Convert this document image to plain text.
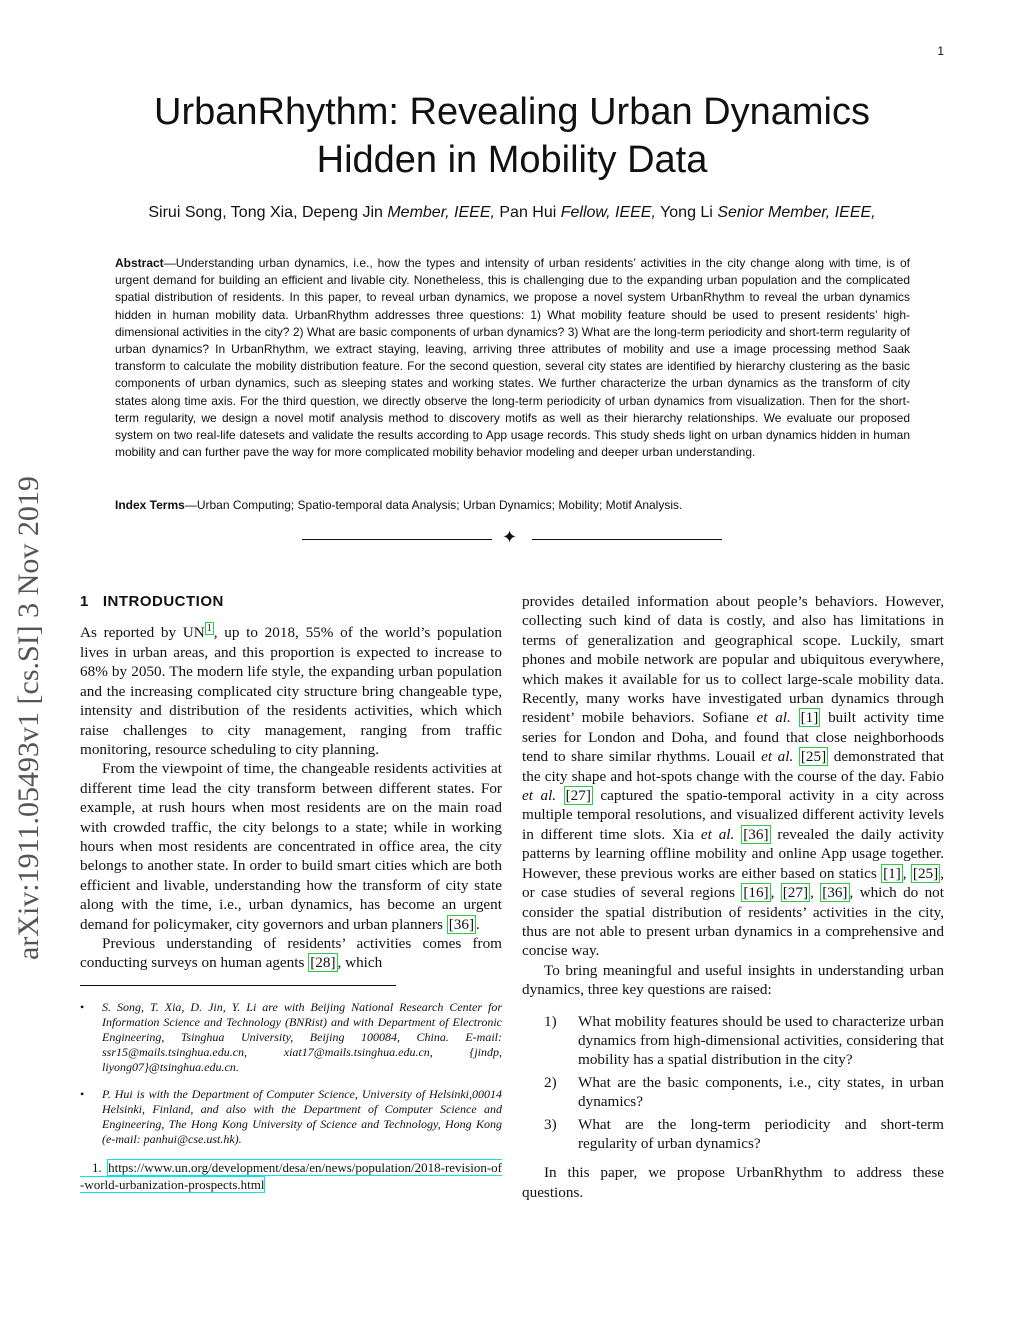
1
UrbanRhythm: Revealing Urban Dynamics
Hidden in Mobility Data
Sirui Song, Tong Xia, Depeng Jin Member, IEEE, Pan Hui Fellow, IEEE, Yong Li Senior Member, IEEE,
Abstract—Understanding urban dynamics, i.e., how the types and intensity of urban residents’ activities in the city change along with time, is of urgent demand for building an efficient and livable city. Nonetheless, this is challenging due to the expanding urban population and the complicated spatial distribution of residents. In this paper, to reveal urban dynamics, we propose a novel system UrbanRhythm to reveal the urban dynamics hidden in human mobility data. UrbanRhythm addresses three questions: 1) What mobility feature should be used to present residents’ high-dimensional activities in the city? 2) What are basic components of urban dynamics? 3) What are the long-term periodicity and short-term regularity of urban dynamics? In UrbanRhythm, we extract staying, leaving, arriving three attributes of mobility and use a image processing method Saak transform to calculate the mobility distribution feature. For the second question, several city states are identified by hierarchy clustering as the basic components of urban dynamics, such as sleeping states and working states. We further characterize the urban dynamics as the transform of city states along time axis. For the third question, we directly observe the long-term periodicity of urban dynamics from visualization. Then for the short-term regularity, we design a novel motif analysis method to discovery motifs as well as their hierarchy relationships. We evaluate our proposed system on two real-life datesets and validate the results according to App usage records. This study sheds light on urban dynamics hidden in human mobility and can further pave the way for more complicated mobility behavior modeling and deeper urban understanding.
Index Terms—Urban Computing; Spatio-temporal data Analysis; Urban Dynamics; Mobility; Motif Analysis.
✦
arXiv:1911.05493v1 [cs.SI] 3 Nov 2019 1 INTRODUCTION

As reported by UN $^1$ , up to 2018, 55% of the world’s population lives in urban areas, and this proportion is expected to increase to 68% by 2050. The modern life style, the expanding urban population and the increasing complicated city structure bring changeable type, intensity and distribution of the residents activities, which which raise challenges to city management, ranging from traffic monitoring, resource scheduling to city planning.

From the viewpoint of time, the changeable residents activities at different time lead the city transform between different states. For example, at rush hours when most residents are on the main road with crowded traffic, the city belongs to a state; while in working hours when most residents are concentrated in office area, the city belongs to another state. In order to build smart cities which are both efficient and livable, understanding how the transform of city state along with the time, i.e., urban dynamics, has become an urgent demand for policymaker, city governors and urban planners [36] .

Previous understanding of residents’ activities comes from conducting surveys on human agents [28] , which

• S. Song, T. Xia, D. Jin, Y. Li are with Beijing National Research Center for Information Science and Technology (BNRist) and with Department of Electronic Engineering, Tsinghua University, Beijing 100084, China. E-mail: ssr15@mails.tsinghua.edu.cn, xiat17@mails.tsinghua.edu.cn, {jindp, liyong07}@tsinghua.edu.cn.
• P. Hui is with the Department of Computer Science, University of Helsinki,00014 Helsinki, Finland, and also with the Department of Computer Science and Engineering, The Hong Kong University of Science and Technology, Hong Kong (e-mail: panhui@cse.ust.hk).
1. https://www.un.org/development/desa/en/news/population/2018-revision-of-world-urbanization-prospects.html

provides detailed information about people’s behaviors. However, collecting such kind of data is costly, and also has limitations in terms of generalization and geographical scope. Luckily, smart phones and mobile network are popular and ubiquitous everywhere, which makes it available for us to collect large-scale mobility data. Recently, many works have investigated urban dynamics through resident’ mobile behaviors. Sofiane et al. [1] built activity time series for London and Doha, and found that close neighborhoods tend to share similar rhythms. Louail et al. [25] demonstrated that the city shape and hot-spots change with the course of the day. Fabio et al. [27] captured the spatio-temporal activity in a city across multiple temporal resolutions, and visualized different activity levels in different time slots. Xia et al. [36] revealed the daily activity patterns by learning offline mobility and online App usage together. However, these previous works are either based on statics [1] , [25] , or case studies of several regions [16] , [27] , [36] , which do not consider the spatial distribution of residents’ activities in the city, thus are not able to present urban dynamics in a comprehensive and concise way.

To bring meaningful and useful insights in understanding urban dynamics, three key questions are raised:

1) What mobility features should be used to characterize urban dynamics from high-dimensional activities, considering that mobility has a spatial distribution in the city?
2) What are the basic components, i.e., city states, in urban dynamics?
3) What are the long-term periodicity and short-term regularity of urban dynamics?

In this paper, we propose UrbanRhythm to address these questions.
